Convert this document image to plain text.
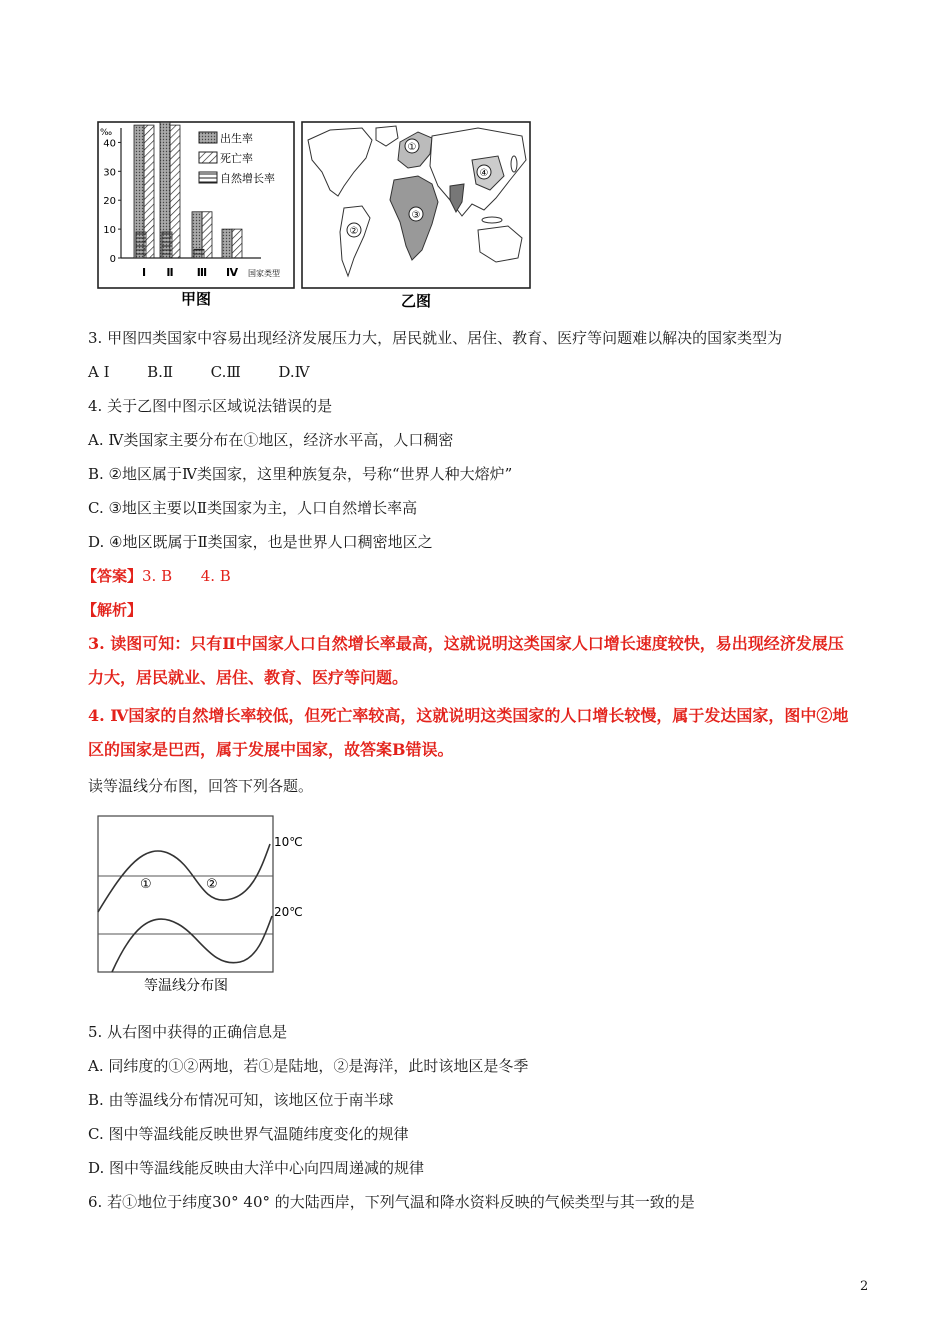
‰
40
30
20
10
0
Ⅰ Ⅱ Ⅲ Ⅳ 国家类型
出生率
死亡率
自然增长率
甲图
①
②
③
④
乙图
3. 甲图四类国家中容易出现经济发展压力大，居民就业、居住、教育、医疗等问题难以解决的国家类型为
A Ⅰ	B.Ⅱ	C.Ⅲ	D.Ⅳ
4. 关于乙图中图示区域说法错误的是
A. Ⅳ类国家主要分布在①地区，经济水平高，人口稠密
B. ②地区属于Ⅳ类国家，这里种族复杂，号称“世界人种大熔炉”
C. ③地区主要以Ⅱ类国家为主，人口自然增长率高
D. ④地区既属于Ⅱ类国家，也是世界人口稠密地区之
【答案】3. B      4. B
【解析】
3. 读图可知：只有Ⅱ中国家人口自然增长率最高，这就说明这类国家人口增长速度较快，易出现经济发展压
力大，居民就业、居住、教育、医疗等问题。
4. Ⅳ国家的自然增长率较低，但死亡率较高，这就说明这类国家的人口增长较慢，属于发达国家，图中②地
区的国家是巴西，属于发展中国家，故答案B错误。
读等温线分布图，回答下列各题。
①	②
10℃
20℃
等温线分布图
5. 从右图中获得的正确信息是
A. 同纬度的①②两地，若①是陆地，②是海洋，此时该地区是冬季
B. 由等温线分布情况可知，该地区位于南半球
C. 图中等温线能反映世界气温随纬度变化的规律
D. 图中等温线能反映由大洋中心向四周递减的规律
6. 若①地位于纬度30° 40° 的大陆西岸，下列气温和降水资料反映的气候类型与其一致的是
2
